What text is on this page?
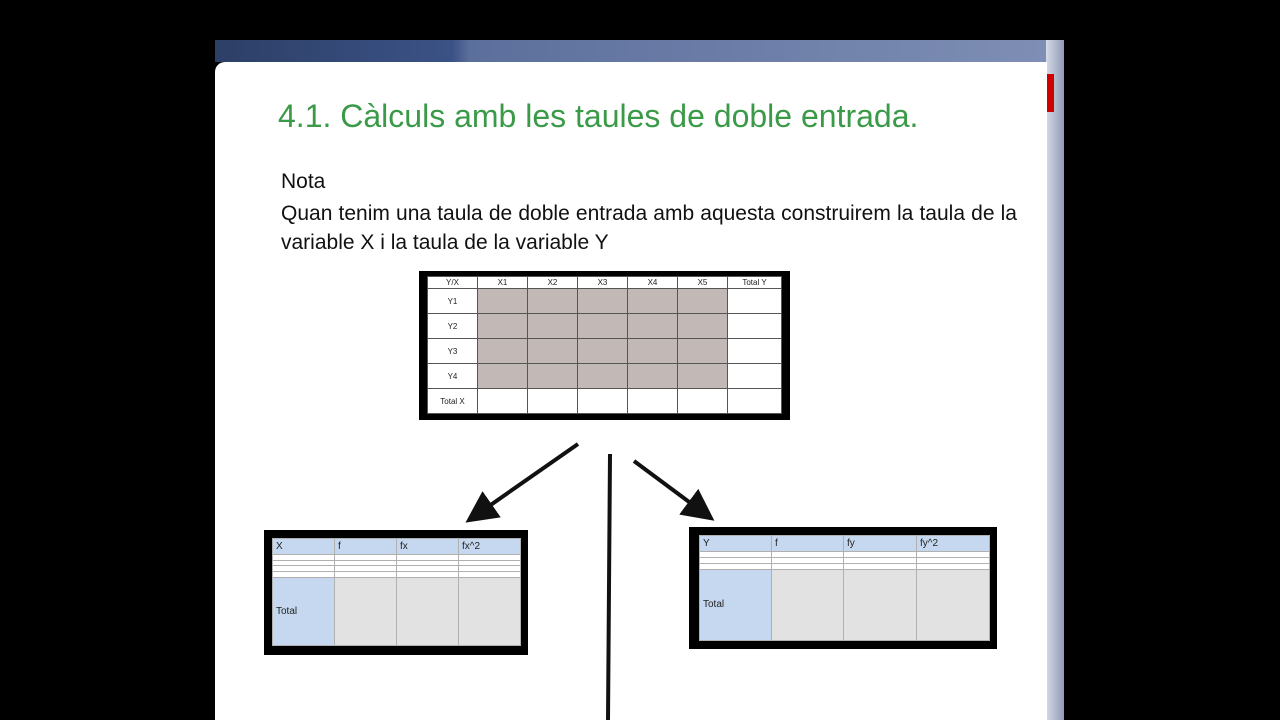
4.1. Càlculs amb les taules de doble entrada.
Nota
Quan tenim una taula de doble entrada amb aquesta construirem la taula de la variable X i la taula de la variable Y
Y/X	X1	X2	X3	X4	X5	Total Y
Y1						
Y2						
Y3						
Y4						
Total X						
X	f	fx	fx^2

Total			
Y	f	fy	fy^2

Total			
